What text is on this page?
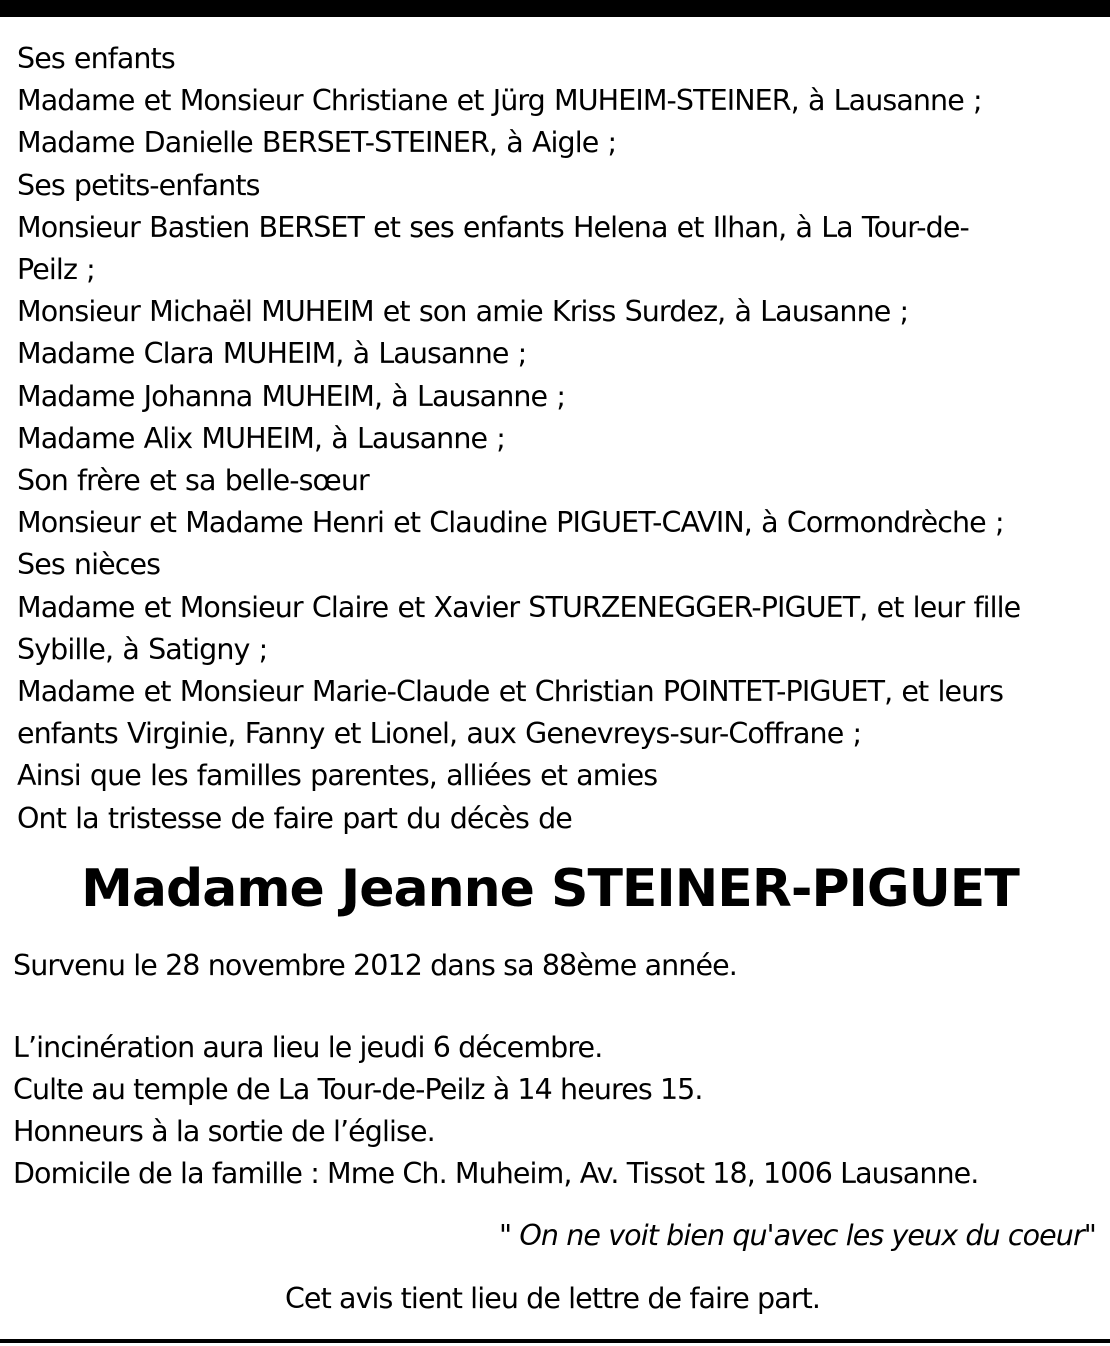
Ses enfants
Madame et Monsieur Christiane et Jürg MUHEIM-STEINER, à Lausanne ;
Madame Danielle BERSET-STEINER, à Aigle ;
Ses petits-enfants
Monsieur Bastien BERSET et ses enfants Helena et Ilhan, à La Tour-de-
Peilz ;
Monsieur Michaël MUHEIM et son amie Kriss Surdez, à Lausanne ;
Madame Clara MUHEIM, à Lausanne ;
Madame Johanna MUHEIM, à Lausanne ;
Madame Alix MUHEIM, à Lausanne ;
Son frère et sa belle-sœur
Monsieur et Madame Henri et Claudine PIGUET-CAVIN, à Cormondrèche ;
Ses nièces
Madame et Monsieur Claire et Xavier STURZENEGGER-PIGUET, et leur fille
Sybille, à Satigny ;
Madame et Monsieur Marie-Claude et Christian POINTET-PIGUET, et leurs
enfants Virginie, Fanny et Lionel, aux Genevreys-sur-Coffrane ;
Ainsi que les familles parentes, alliées et amies
Ont la tristesse de faire part du décès de
Madame Jeanne STEINER-PIGUET
Survenu le 28 novembre 2012 dans sa 88ème année.
L’incinération aura lieu le jeudi 6 décembre.
Culte au temple de La Tour-de-Peilz à 14 heures 15.
Honneurs à la sortie de l’église.
Domicile de la famille : Mme Ch. Muheim, Av. Tissot 18, 1006 Lausanne.
" On ne voit bien qu'avec les yeux du coeur"
Cet avis tient lieu de lettre de faire part.
